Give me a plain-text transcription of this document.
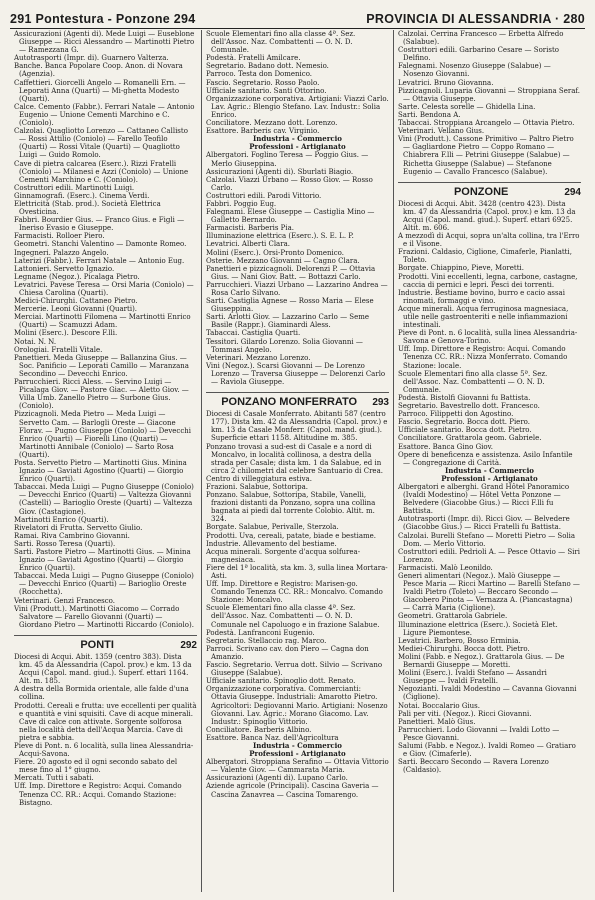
291 Pontestura - Ponzone 294	PROVINCIA DI ALESSANDRIA · 280

Assicurazioni (Agenti di). Mede Luigi — Euseblone Giuseppe — Ricci Alessandro — Martinotti Pietro — Ramezzana G.

Autotrasporti (Impr. di). Guarnero Valterza.

Banche. Banca Popolare Coop. Anon. di Novara (Agenzia).

Caffettieri. Giorcelli Angelo — Romanelli Ern. — Leporati Anna (Quarti) — Mi-ghetta Modesto (Quarti).

Calce. Cemento (Fabbr.). Ferrari Natale — Antonio Eugenio — Unione Cementi Marchino e C. (Coniolo).

Calzolai. Quagliotto Lorenzo — Cattaneo Callisto — Rossi Attilio (Coniolo) — Farello Teofilo (Quarti) — Rossi Vitale (Quarti) — Quagliotto Luigi — Guido Romolo.

Cave di pietra calcarea (Eserc.). Rizzi Fratelli (Coniolo) — Milanesi e Azzi (Coniolo) — Unione Cementi Marchino e C. (Coniolo).

Costruttori edili. Martinotti Luigi.

Ginnamografi. (Eserc.). Cinema Verdi.

Elettricità (Stab. prod.). Società Elettrica Ovesticina.

Fabbri. Bourdier Gius. — Franco Gius. e Figli — Ineriso Evasio e Giuseppe.

Farmacisti. Rolloer Piero.

Geometri. Stanchi Valentino — Damonte Romeo.

Ingegneri. Palazzo Angelo.

Laterizi (Fabbr.). Ferrari Natale — Antonio Eug.

Lattonieri. Servetto Ignazio.

Legname (Negoz.). Picalaga Pietro.

Levatrici. Pavese Teresa — Orsi Maria (Coniolo) — Chiesa Carolina (Quarti).

Medici-Chirurghi. Cattaneo Pietro.

Mercerie. Leoni Giovanni (Quarti).

Merciai. Martinotti Filomena — Martinotti Enrico (Quarti) — Scamuzzi Adam.

Molini (Eserc.). Descore F.lli.

Notai. N. N.

Orologiai. Fratelli Vitale.

Panettieri. Meda Giuseppe — Ballanzina Gius. — Soc. Panificio — Leporati Camillo — Maranzana Secondino — Devecchi Enrico.

Parrucchieri. Ricci Aless. — Servino Luigi — Picalaga Giov. — Pastore Giac. — Aletto Giov. — Villa Umb. Zanello Pietro — Surbone Gius. (Coniolo).

Pizzicagnoli. Meda Pietro — Meda Luigi — Servetto Cam. — Barlogli Oreste — Giacone Florav. — Pugno Giuseppe (Coniolo) — Devecchi Enrico (Quarti) — Fiorelli Lino (Quarti) — Martinotti Annibale (Coniolo) — Sarto Rosa (Quarti).

Posta. Servetto Pietro — Martinotti Gius. Minina Ignazio — Gaviati Agostino (Quarti) — Giorgio Enrico (Quarti).

Tabaccai. Meda Luigi — Pugno Giuseppe (Coniolo) — Devecchi Enrico (Quarti) — Valtezza Giovanni (Castelli) — Barioglio Oreste (Quarti) — Valtezza Giov. (Castagione).

Martinotti Enrico (Quarti).

Rivelatori di Frutta. Servetto Giulio.

Ramai. Riva Cambrino Giovanni.

Sarti. Rosso Teresa (Quarti).

Sarti. Pastore Pietro — Martinotti Gius. — Minina Ignazio — Gaviati Agostino (Quarti) — Giorgio Enrico (Quarti).

Tabaccai. Meda Luigi — Pugno Giuseppe (Coniolo) — Devecchi Enrico (Quarti) — Barioglio Oreste (Rocchetta).

Veterinari. Genzi Francesco.

Vini (Produtt.). Martinotti Giacomo — Corrado Salvatore — Farello Giovanni (Quarti) — Giordano Pietro — Martinotti Riccardo (Coniolo).

292
PONTI

Diocesi di Acqui. Abit. 1359 (centro 383). Dista km. 45 da Alessandria (Capol. prov.) e km. 13 da Acqui (Capol. mand. giud.). Superf. ettari 1164. Alt. m. 185.

A destra della Bormida orientale, alle falde d'una collina.

Prodotti. Cereali e frutta: uve eccellenti per qualità e quantità e vini squisiti. Cave di acque minerali. Cave di calce con attivate. Sorgente solforosa nella località detta dell'Acqua Marcia. Cave di pietra e sabbia.

Pieve di Pont. n. 6 località, sulla linea Alessandria-Acqui-Savona.

Fiere. 20 agosto ed il ogni secondo sabato del mese fino al 1° giugno.

Mercati. Tutti i sabati.

Uff. Imp. Direttore e Registro: Acqui. Comando Tenenza CC. RR.: Acqui. Comando Stazione: Bistagno.

Scuole Elementari fino alla classe 4ª. Sez. dell'Assoc. Naz. Combattenti — O. N. D. Comunale.

Podestà. Fratelli Amilcare.

Segretario. Badano dott. Nemesio.

Parroco. Testa don Domenico.

Fascio. Segretario. Rosso Paolo.

Ufficiale sanitario. Santi Ottorino.

Organizzazione corporativa. Artigiani: Viazzi Carlo. Lav. Agric.: Blengio Stefano. Lav. Industr.: Solia Enrico.

Conciliatore. Mezzano dott. Lorenzo.

Esattore. Barberis cav. Virginio.

Industria - Commercio
Professioni - Artigianato

Albergatori. Foglino Teresa — Poggio Gius. — Merlo Giuseppina.

Assicurazioni (Agenti di). Sburlati Biagio.

Calzolai. Viazzi Urbano — Rosso Giov. — Rosso Carlo.

Costruttori edili. Parodi Vittorio.

Fabbri. Poggio Eug.

Falegnami. Elese Giuseppe — Castiglia Mino — Galletto Bernardo.

Farmacisti. Barberis Pia.

Illuminazione elettrica (Eserc.). S. E. L. P.

Levatrici. Alberti Clara.

Molini (Eserc.). Orsi-Pronto Domenico.

Osterie. Mezzano Giovanni — Cagno Clara.

Panettieri e pizzicagnoli. Delorenzi P. — Ottavia Gius. — Nani Giov. Batt. — Bottazzi Carlo.

Parrucchieri. Viazzi Urbano — Lazzarino Andrea — Rosa Carlo Silvano.

Sarti. Castiglia Agnese — Rosso Maria — Elese Giuseppina.

Sarti. Arlotti Giov. — Lazzarino Carlo — Seme Basile (Rappr.). Giaminardi Aless.

Tabaccai. Castiglia Quarti.

Tessitori. Gilardo Lorenzo. Solia Giovanni — Tommasi Angelo.

Veterinari. Mezzano Lorenzo.

Vini (Negoz.). Scarsi Giovanni — De Lorenzo Lorenzo — Traversa Giuseppe — Delorenzi Carlo — Raviola Giuseppe.

293
PONZANO MONFERRATO

Diocesi di Casale Monferrato. Abitanti 587 (centro 177). Dista km. 42 da Alessandria (Capol. prov.) e km. 13 da Casale Monferr. (Capol. mand. giud.). Superficie ettari 1158. Altitudine m. 385.

Ponzano trovasi a sud-est di Casale e a nord di Moncalvo, in località collinosa, a destra della strada per Casale; dista km. 1 da Salabue, ed in circa 2 chilometri dal celebre Santuario di Crea.

Centro di villeggiatura estiva.

Frazioni. Salabue, Sottoripa.

Ponzano. Salabue, Sottoripa, Stabile, Vanelli, frazioni distanti da Ponzano, sopra una collina bagnata ai piedi dal torrente Colobio. Altit. m. 324.

Borgate. Salabue, Perivalle, Sterzola.

Prodotti. Uva, cereali, patate, biade e bestiame.

Industrie. Allevamento del bestiame.

Acqua minerali. Sorgente d'acqua solfurea-magnesiaca.

Fiere del 1ª località, sta km. 3, sulla linea Mortara-Asti.

Uff. Imp. Direttore e Registro: Marisen-go. Comando Tenenza CC. RR.: Moncalvo. Comando Stazione: Moncalvo.

Scuole Elementari fino alla classe 4ª. Sez. dell'Assoc. Naz. Combattenti — O. N. D. Comunale nel Capoluogo e in frazione Salabue.

Podestà. Lanfranconi Eugenio.

Segretario. Stellaccio rag. Marco.

Parroci. Scrivano cav. don Piero — Cagna don Amanzio.

Fascio. Segretario. Verrua dott. Silvio — Scrivano Giuseppe (Salabue).

Ufficiale sanitario. Spinoglio dott. Renato.

Organizzazione corporativa. Commercianti: Ottavia Giuseppe. Industriali: Amarotto Pietro. Agricoltori: Degiovanni Mario. Artigiani: Nosenzo Giovanni. Lav. Agric.: Morano Giacomo. Lav. Industr.: Spinoglio Vittorio.

Conciliatore. Barberis Albino.

Esattore. Banca Naz. dell'Agricoltura

Industria - Commercio
Professioni - Artigianato

Albergatori. Stroppiana Serafino — Ottavia Vittorio — Valente Giov. — Cammarata Maria.

Assicurazioni (Agenti di). Lupano Carlo.

Aziende agricole (Principali). Cascina Gaveria — Cascina Zanavrea — Cascina Tomarengo.

Calzolai. Cerrina Francesco — Erbetta Alfredo (Salabue).

Costruttori edili. Garbarino Cesare — Soristo Delfino.

Falegnami. Nosenzo Giuseppe (Salabue) — Nosenzo Giovanni.

Levatrici. Bruno Giovanna.

Pizzicagnoli. Luparia Giovanni — Stroppiana Seraf. — Ottavia Giuseppe.

Sarte. Celesta sorelle — Ghidella Lina.

Sarti. Bendona A.

Tabaccai. Stroppiana Arcangelo — Ottavia Pietro.

Veterinari. Vellano Gius.

Vini (Produtt.). Cassone Primitivo — Paltro Pietro — Gagliardone Pietro — Coppo Romano — Chiabrera F.lli — Petrini Giuseppe (Salabue) — Richetta Giuseppe (Salabue) — Stefanone Eugenio — Cavallo Francesco (Salabue).

294
PONZONE

Diocesi di Acqui. Abit. 3428 (centro 423). Dista km. 47 da Alessandria (Capol. prov.) e km. 13 da Acqui (Capol. mand. giud.). Superf. ettari 6925. Altit. m. 606.

A mezzodì di Acqui, sopra un'alta collina, tra l'Erro e il Visone.

Frazioni. Caldasio, Ciglione, Cimaferle, Pianlatti, Toleto.

Borgate. Chiappino, Pieve, Moretti.

Prodotti. Vini eccellenti, legna, carbone, castagne, caccia di pernici e lepri. Pesci dei torrenti.

Industrie. Bestiame bovino, burro e cacio assai rinomati, formaggi e vino.

Acque minerali. Acqua ferruginosa magnesiaca, utile nelle gastroenteriti e nelle infiammazioni intestinali.

Pieve di Pont. n. 6 località, sulla linea Alessandria-Savona e Genova-Torino.

Uff. Imp. Direttore e Registro: Acqui. Comando Tenenza CC. RR.: Nizza Monferrato. Comando Stazione: locale.

Scuole Elementari fino alla classe 5ª. Sez. dell'Assoc. Naz. Combattenti — O. N. D. Comunale.

Podestà. Bistolfi Giovanni fu Battista.

Segretario. Bavestrello dott. Francesco.

Parroco. Filippetti don Agostino.

Fascio. Segretario. Bocca dott. Piero.

Ufficiale sanitario. Bocca dott. Pietro.

Conciliatore. Grattarola geom. Gabriele.

Esattore. Banca Gino Giov.

Opere di beneficenza e assistenza. Asilo Infantile — Congregazione di Carità.

Industria - Commercio
Professioni - Artigianato

Albergatori e alberghi. Grand Hôtel Panoramico (Ivaldi Modestino) — Hôtel Vetta Ponzone — Belvedere (Giacobbe Gius.) — Ricci F.lli fu Battista.

Autotrasporti (Impr. di). Ricci Giov. — Belvedere (Giacobbe Gius.) — Ricci Fratelli fu Battista.

Calzolai. Burelli Stefano — Moretti Pietro — Solia Dom. — Merlo Vittorio.

Costruttori edili. Pedrioli A. — Pesce Ottavio — Siri Lorenzo.

Farmacisti. Malò Leonildo.

Generi alimentari (Negoz.). Malò Giuseppe — Pesce Maria — Ricci Martino — Barelli Stefano — Ivaldi Pietro (Toleto) — Beccaro Secondo — Giacobero Pinota — Vernazza A. (Piancastagna) — Carrà Maria (Ciglione).

Geometri. Grattarola Gabriele.

Illuminazione elettrica (Eserc.). Società Elet. Ligure Piemontese.

Levatrici. Barbero, Bosso Erminia.

Mediei-Chirurghi. Bocca dott. Pietro.

Molini (Fabb. e Negoz.). Grattarola Gius. — De Bernardi Giuseppe — Moretti.

Molini (Eserc.). Ivaldi Stefano — Assandri Giuseppe — Ivaldi Fratelli.

Negozianti. Ivaldi Modestino — Cavanna Giovanni (Ciglione).

Notai. Boccalario Gius.

Pali per viti. (Negoz.). Ricci Giovanni.

Panettieri. Malò Gius.

Parrucchieri. Lodo Giovanni — Ivaldi Lotto — Pesce Giovanni.

Salumi (Fabb. e Negoz.). Ivaldi Romeo — Gratiaro e Giov. (Cimaferle).

Sarti. Beccaro Secondo — Ravera Lorenzo (Caldasio).
